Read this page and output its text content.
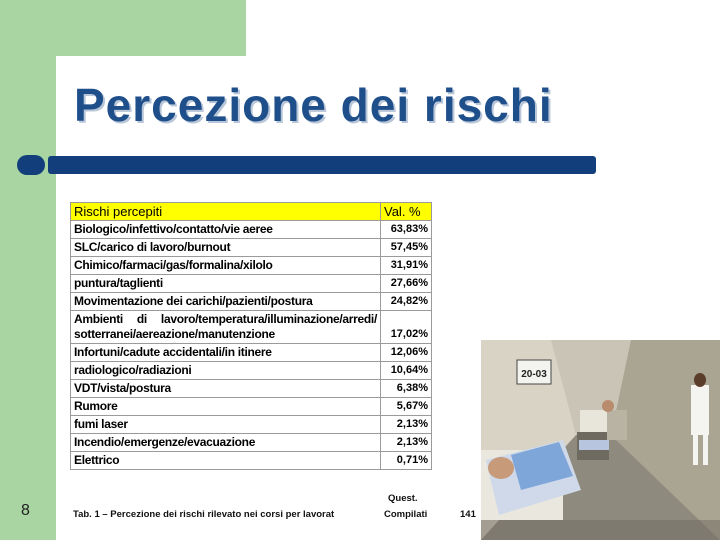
Percezione dei rischi
Rischi percepiti	Val. %
Biologico/infettivo/contatto/vie aeree	63,83%
SLC/carico di lavoro/burnout	57,45%
Chimico/farmaci/gas/formalina/xilolo	31,91%
puntura/taglienti	27,66%
Movimentazione dei carichi/pazienti/postura	24,82%
Ambienti di lavoro/temperatura/illuminazione/arredi/ sotterranei/aereazione/manutenzione	17,02%
Infortuni/cadute accidentali/in itinere	12,06%
radiologico/radiazioni	10,64%
VDT/vista/postura	6,38%
Rumore	5,67%
fumi laser	2,13%
Incendio/emergenze/evacuazione	2,13%
Elettrico	0,71%
8	Tab. 1 – Percezione dei rischi rilevato nei corsi per lavorat
Quest.
Compilati	141
20-03
